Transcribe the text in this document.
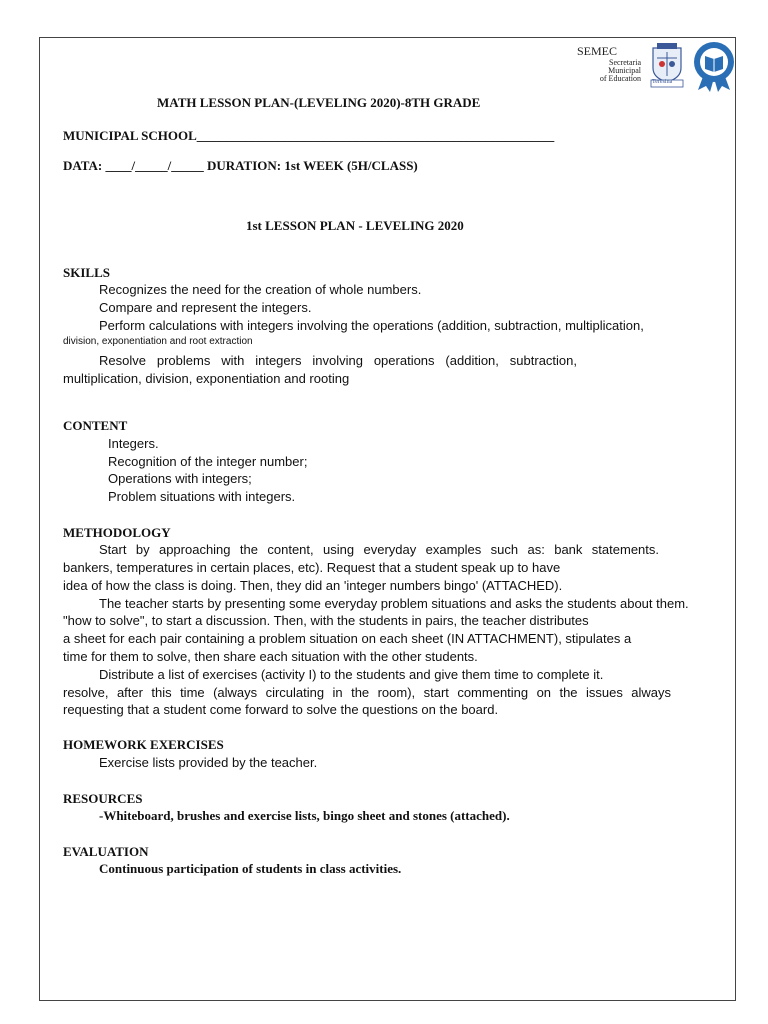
SEMEC
Secretaria
Municipal
of Education Teresina
MATH LESSON PLAN-(LEVELING 2020)-8TH GRADE
MUNICIPAL SCHOOL_______________________________________________________
DATA: ____/_____/_____ DURATION: 1st WEEK (5H/CLASS)
1st LESSON PLAN - LEVELING 2020
SKILLS
Recognizes the need for the creation of whole numbers.
Compare and represent the integers.
Perform calculations with integers involving the operations (addition, subtraction, multiplication,
division, exponentiation and root extraction
Resolve problems with integers involving operations (addition, subtraction,
multiplication, division, exponentiation and rooting
CONTENT
Integers.
Recognition of the integer number;
Operations with integers;
Problem situations with integers.
METHODOLOGY
Start by approaching the content, using everyday examples such as: bank statements.
bankers, temperatures in certain places, etc). Request that a student speak up to have
idea of how the class is doing. Then, they did an 'integer numbers bingo' (ATTACHED).
The teacher starts by presenting some everyday problem situations and asks the students about them.
"how to solve", to start a discussion. Then, with the students in pairs, the teacher distributes
a sheet for each pair containing a problem situation on each sheet (IN ATTACHMENT), stipulates a
time for them to solve, then share each situation with the other students.
Distribute a list of exercises (activity I) to the students and give them time to complete it.
resolve, after this time (always circulating in the room), start commenting on the issues always
requesting that a student come forward to solve the questions on the board.
HOMEWORK EXERCISES
Exercise lists provided by the teacher.
RESOURCES
-Whiteboard, brushes and exercise lists, bingo sheet and stones (attached).
EVALUATION
Continuous participation of students in class activities.
